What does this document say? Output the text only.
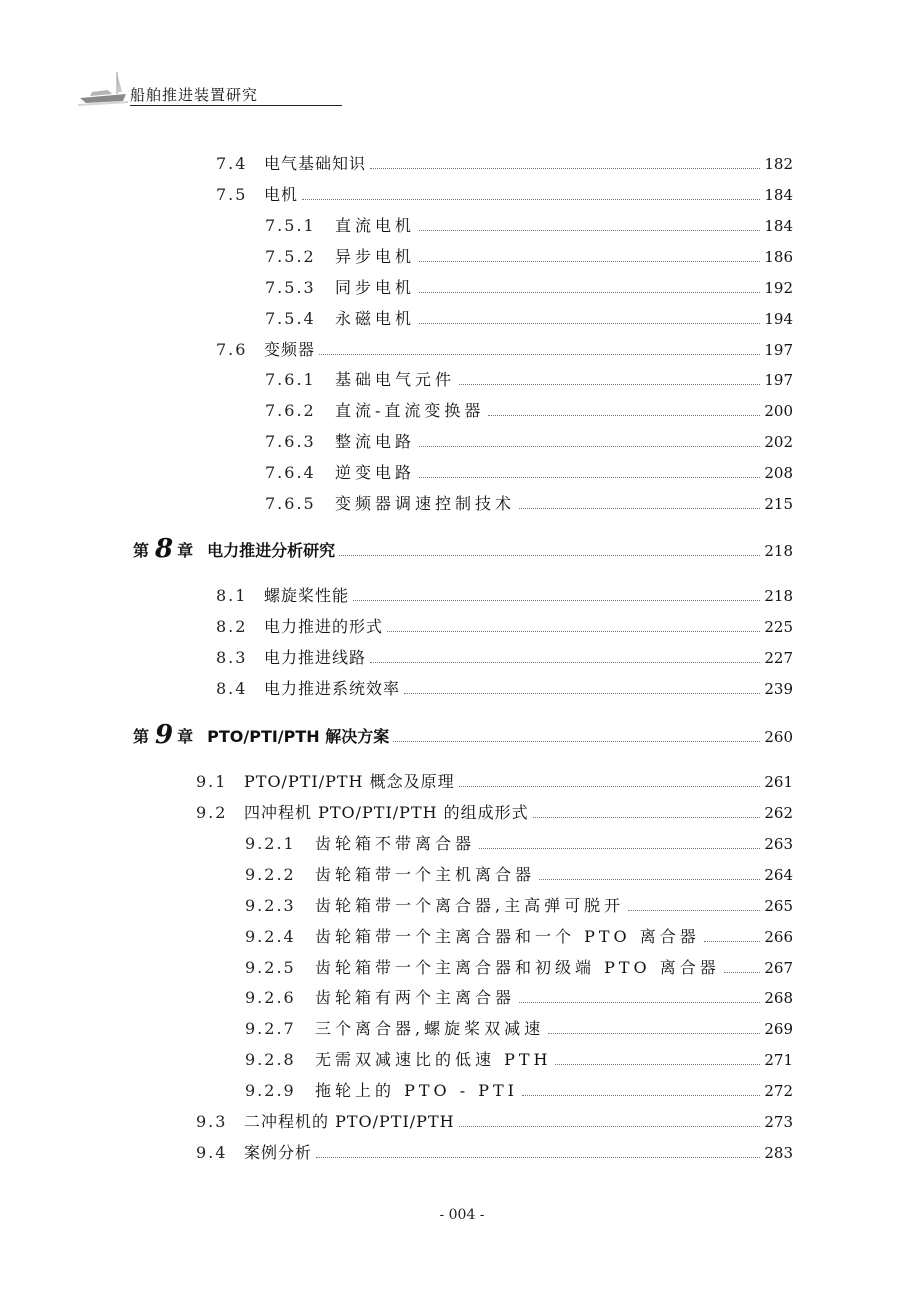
船舶推进装置研究
7.4	电气基础知识	182
7.5	电机	184
7.5.1	直流电机	184
7.5.2	异步电机	186
7.5.3	同步电机	192
7.5.4	永磁电机	194
7.6	变频器	197
7.6.1	基础电气元件	197
7.6.2	直流-直流变换器	200
7.6.3	整流电路	202
7.6.4	逆变电路	208
7.6.5	变频器调速控制技术	215
第 8 章 电力推进分析研究	218
8.1	螺旋桨性能	218
8.2	电力推进的形式	225
8.3	电力推进线路	227
8.4	电力推进系统效率	239
第 9 章 PTO/PTI/PTH 解决方案	260
9.1	PTO/PTI/PTH 概念及原理	261
9.2	四冲程机 PTO/PTI/PTH 的组成形式	262
9.2.1	齿轮箱不带离合器	263
9.2.2	齿轮箱带一个主机离合器	264
9.2.3	齿轮箱带一个离合器,主高弹可脱开	265
9.2.4	齿轮箱带一个主离合器和一个 PTO 离合器	266
9.2.5	齿轮箱带一个主离合器和初级端 PTO 离合器	267
9.2.6	齿轮箱有两个主离合器	268
9.2.7	三个离合器,螺旋桨双减速	269
9.2.8	无需双减速比的低速 PTH	271
9.2.9	拖轮上的 PTO - PTI	272
9.3	二冲程机的 PTO/PTI/PTH	273
9.4	案例分析	283
- 004 -
